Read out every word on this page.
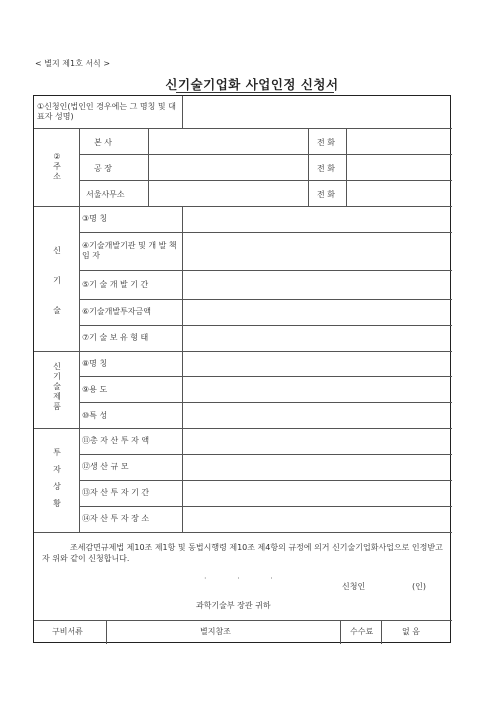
< 별지 제1호 서식 >
신기술기업화 사업인정 신청서
①신청인(법인인 경우에는 그 명칭 및 대표자 성명)
② 주소
본 사	전 화
공 장	전 화
서울사무소	전 화
신 기 술
③명 칭
④기술개발기관 및 개 발 책 임 자
⑤기 술 개 발 기 간
⑥기술개발투자금액
⑦기 술 보 유 형 태
신기술제품
⑧명 칭
⑨용 도
⑩특 성
투 자 상 황
⑪총 자 산 투 자 액
⑫생 산 규 모
⑬자 산 투 자 기 간
⑭자 산 투 자 장 소
조세감면규제법 제10조 제1항 및 동법시행령 제10조 제4항의 규정에 의거 신기술기업화사업으로 인정받고자 위와 같이 신청합니다.
· · ·
신청인	(인)
과학기술부 장관 귀하
구비서류	별지참조	수수료	없 음
